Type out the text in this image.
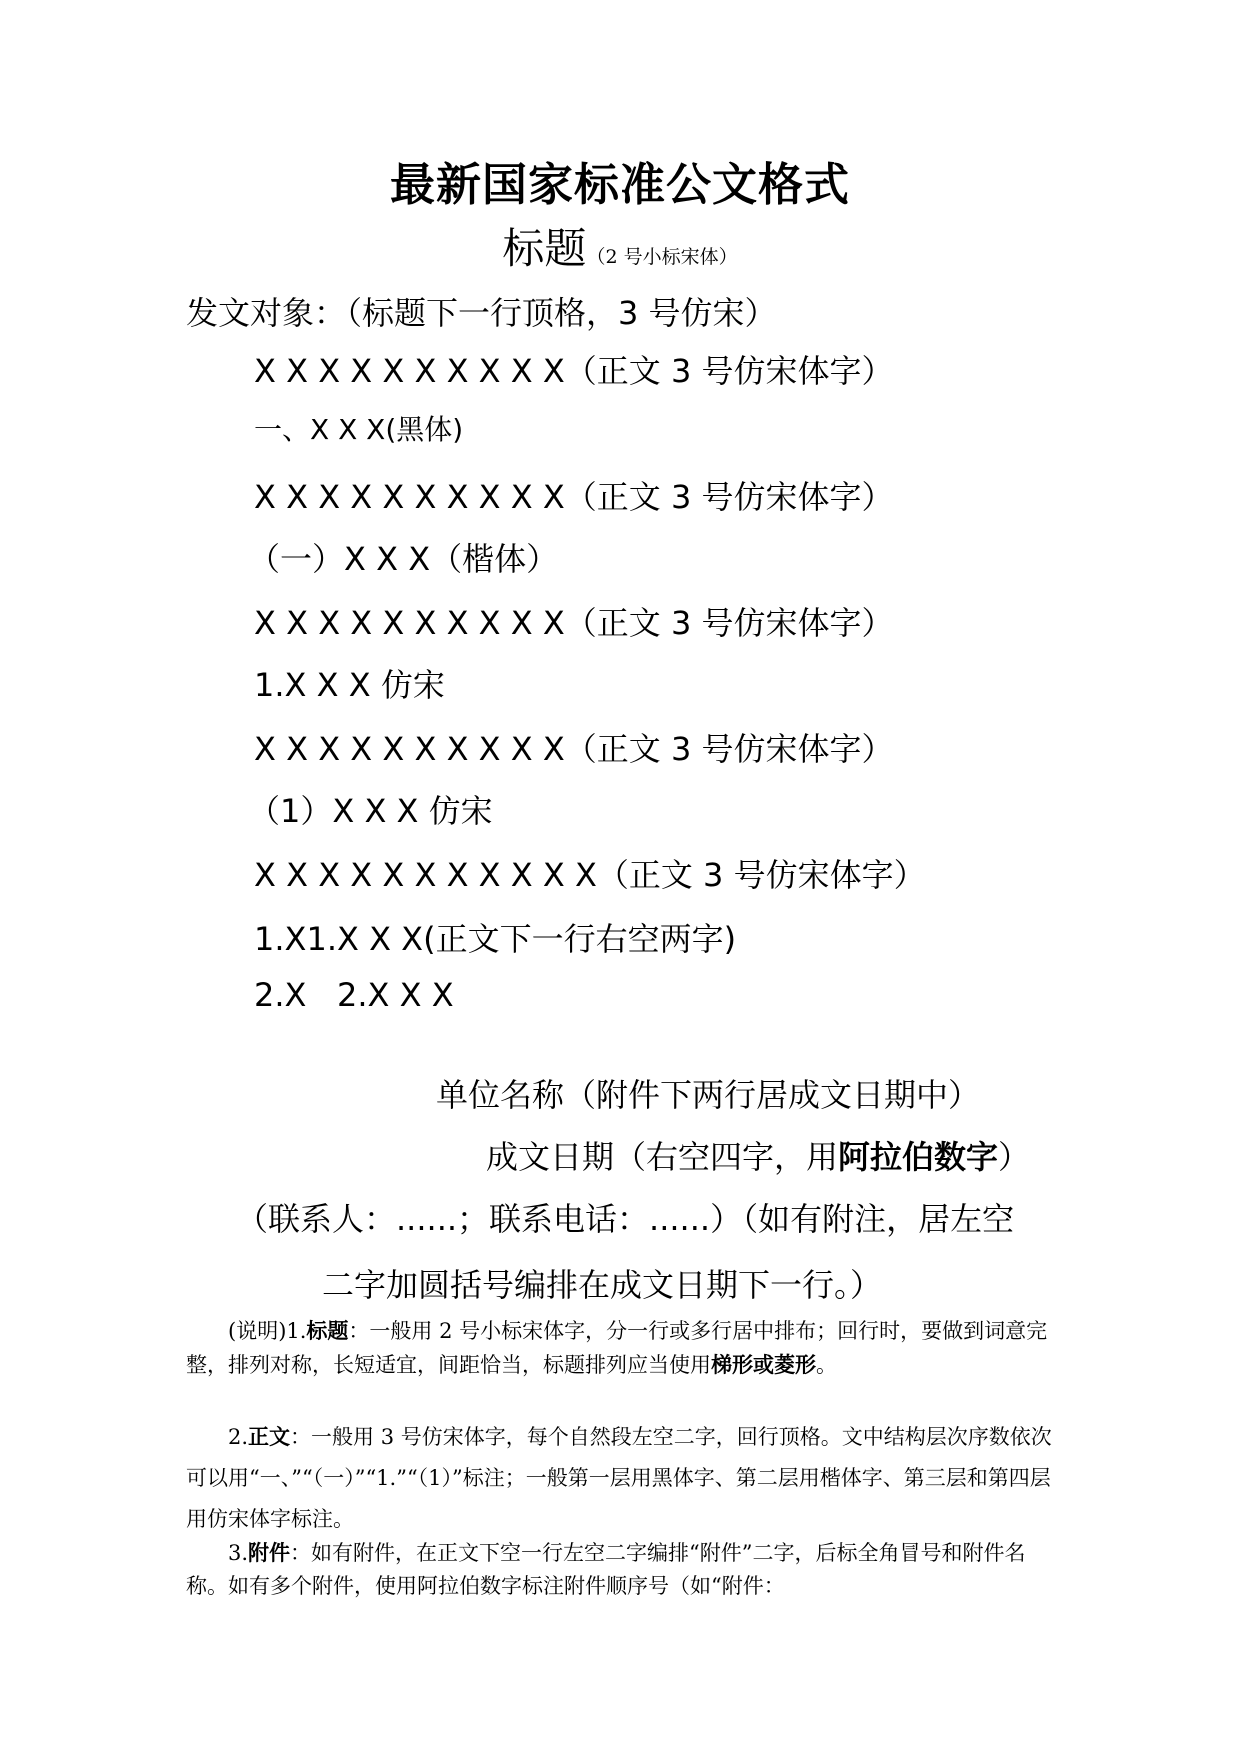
最新国家标准公文格式
标题（2 号小标宋体）
发文对象：（标题下一行顶格，3 号仿宋）
X X X X X X X X X X（正文 3 号仿宋体字）
一、X X X(黑体)
X X X X X X X X X X（正文 3 号仿宋体字）
（一）X X X（楷体）
X X X X X X X X X X（正文 3 号仿宋体字）
1.X X X 仿宋
X X X X X X X X X X（正文 3 号仿宋体字）
（1）X X X 仿宋
X X X X X X X X X X X（正文 3 号仿宋体字）
1.X1.X X X(正文下一行右空两字)
2.X   2.X X X
单位名称（附件下两行居成文日期中）
成文日期（右空四字，用阿拉伯数字）
（联系人：......；联系电话：......）（如有附注，居左空
二字加圆括号编排在成文日期下一行。）
(说明)1.标题：一般用 2 号小标宋体字，分一行或多行居中排布；回行时，要做到词意完整，排列对称，长短适宜，间距恰当，标题排列应当使用梯形或菱形。
2.正文：一般用 3 号仿宋体字，每个自然段左空二字，回行顶格。文中结构层次序数依次可以用“一、”“（一）”“1.”“（1）”标注；一般第一层用黑体字、第二层用楷体字、第三层和第四层用仿宋体字标注。
3.附件：如有附件，在正文下空一行左空二字编排“附件”二字，后标全角冒号和附件名称。如有多个附件，使用阿拉伯数字标注附件顺序号（如“附件：
